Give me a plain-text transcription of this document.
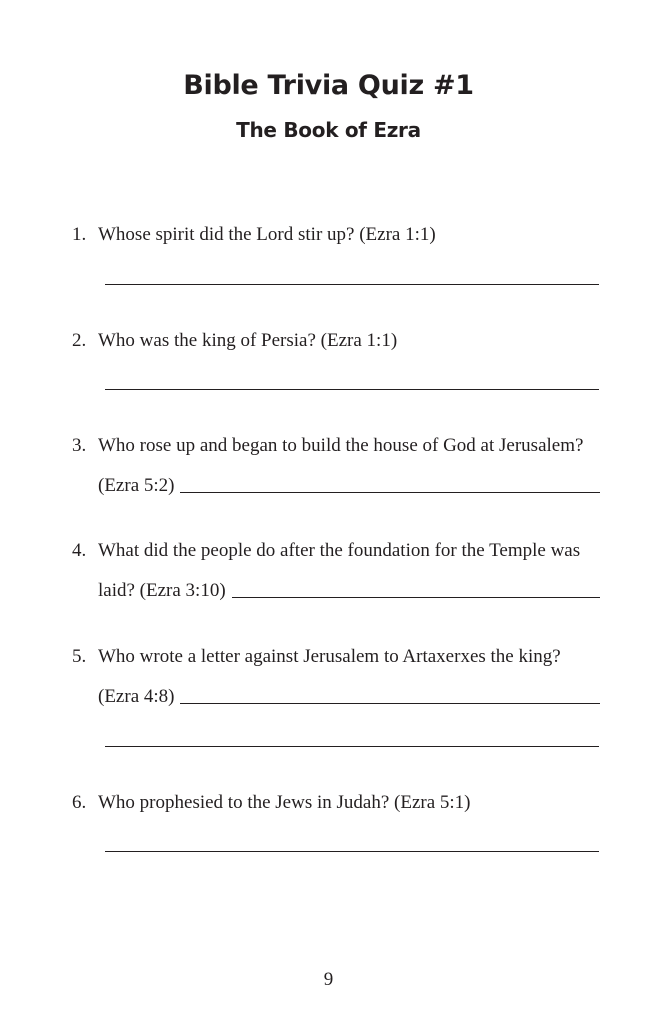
Bible Trivia Quiz #1
The Book of Ezra
1. Whose spirit did the Lord stir up? (Ezra 1:1)
2. Who was the king of Persia? (Ezra 1:1)
3. Who rose up and began to build the house of God at Jerusalem?
(Ezra 5:2)
4. What did the people do after the foundation for the Temple was
laid? (Ezra 3:10)
5. Who wrote a letter against Jerusalem to Artaxerxes the king?
(Ezra 4:8)
6. Who prophesied to the Jews in Judah? (Ezra 5:1)
9
